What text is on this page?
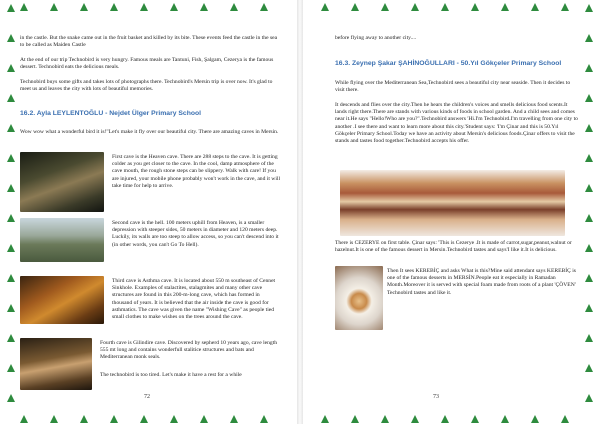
in the castle. But the snake came out in the fruit basket and killed by its bite. These events feed the castle in the sea to be called as Maiden Castle
At the end of our trip Technobird is very hungry. Famous meals are Tantuni, Fish, Şalgam, Cezerya is the famous dessert. Technobird eats the delicious meals.
Technobird buys some gifts and takes lots of photographs there. Technobird's Mersin trip is over now. It's glad to meet us and leaves the city with lots of beautiful memories.
16.2. Ayla LEYLENTOĞLU - Nejdet Ülger Primary School
Wow wow what a wonderful bird it is!"Let's make it fly over our beautiful city. There are amazing caves in Mersin.
First cave is the Heaven cave. There are 288 steps to the cave. It is getting colder as you get closer to the cave. In the cool, damp atmosphere of the cave mouth, the rough stone steps can be slippery. Walk with care! If you are injured, your mobile phone probably won't work in the cave, and it will take time for help to arrive.
Second cave is the hell. 100 meters uphill from Heaven, is a smaller depression with steeper sides, 50 meters in diameter and 120 meters deep. Luckily, its walls are too steep to allow access, so you can't descend into it (in other words, you can't Go To Hell).
Third cave is Asthma cave. It is located about 550 m southeast of Cennet Sinkhole. Examples of stalactites, stalagmites and many other cave structures are found in this 200-m-long cave, which has formed in thousand of years. It is believed that the air inside the cave is good for asthmatics. The cave was given the name "Wishing Cave" as people tied small clothes to make wishes on the trees around the cave.
Fourth cave is Gilindire cave. Discovered by sepherd 10 years ago, cave length 555 mt long and contains wonderfull stalitice structures and bats and Mediterranean monk seals.
The technobird is too tired. Let's make it have a rest for a while
72
before flying away to another city....
16.3. Zeynep Şakar ŞAHİNOĞULLARI - 50.Yıl Gökçeler Primary School
While flying over the Mediterranean Sea,Technobird sees a beautiful city near seaside. Then it decides to visit there.
It descends and flies over the city.Then he hears the children's voices and smells delicious food scents.It lands right there.There are stands with various kinds of foods in school garden. And a child sees and comes near it.He says "Hello!Who are you?".Technobird answers 'Hi.I'm Technobird.I'm travelling from one city to another .I see there and want to learn more about this city.'Student says: 'I'm Çinar and this is 50.Yıl Gökçeler Primary School.Today we have an activity about Mersin's delicious foods.Çinar offers to visit the stands and tastes food together.Technobird accepts his offer.
There is CEZERYE on first table. Çinar says: 'This is Cezerye .It is made of carrot,sugar,peanut,walnut or hazelnut.It is one of the famous dessert in Mersin.Technobird tastes and says'I like it.It is delicious.
Then It sees KEREBİÇ and asks What is this?Mine said attendant says KEREBİÇ is one of the famous desserts in MERSİN.People eat it especially in Ramadan Month.Moreover it is served with special foam made from roots of a plant 'ÇÖVEN' Technobird tastes and like it.
73
